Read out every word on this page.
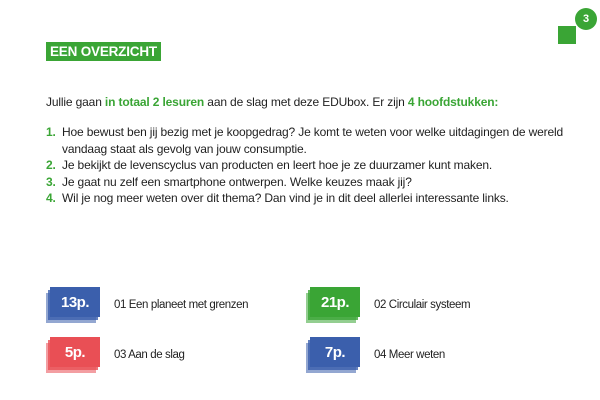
3
EEN OVERZICHT
Jullie gaan in totaal 2 lesuren aan de slag met deze EDUbox. Er zijn 4 hoofdstukken:
1. Hoe bewust ben jij bezig met je koopgedrag? Je komt te weten voor welke uitdagingen de wereld vandaag staat als gevolg van jouw consumptie.
2. Je bekijkt de levenscyclus van producten en leert hoe je ze duurzamer kunt maken.
3. Je gaat nu zelf een smartphone ontwerpen. Welke keuzes maak jij?
4. Wil je nog meer weten over dit thema? Dan vind je in dit deel allerlei interessante links.
13p.	01 Een planeet met grenzen	21p.	02 Circulair systeem
5p.	03 Aan de slag	7p.	04 Meer weten
